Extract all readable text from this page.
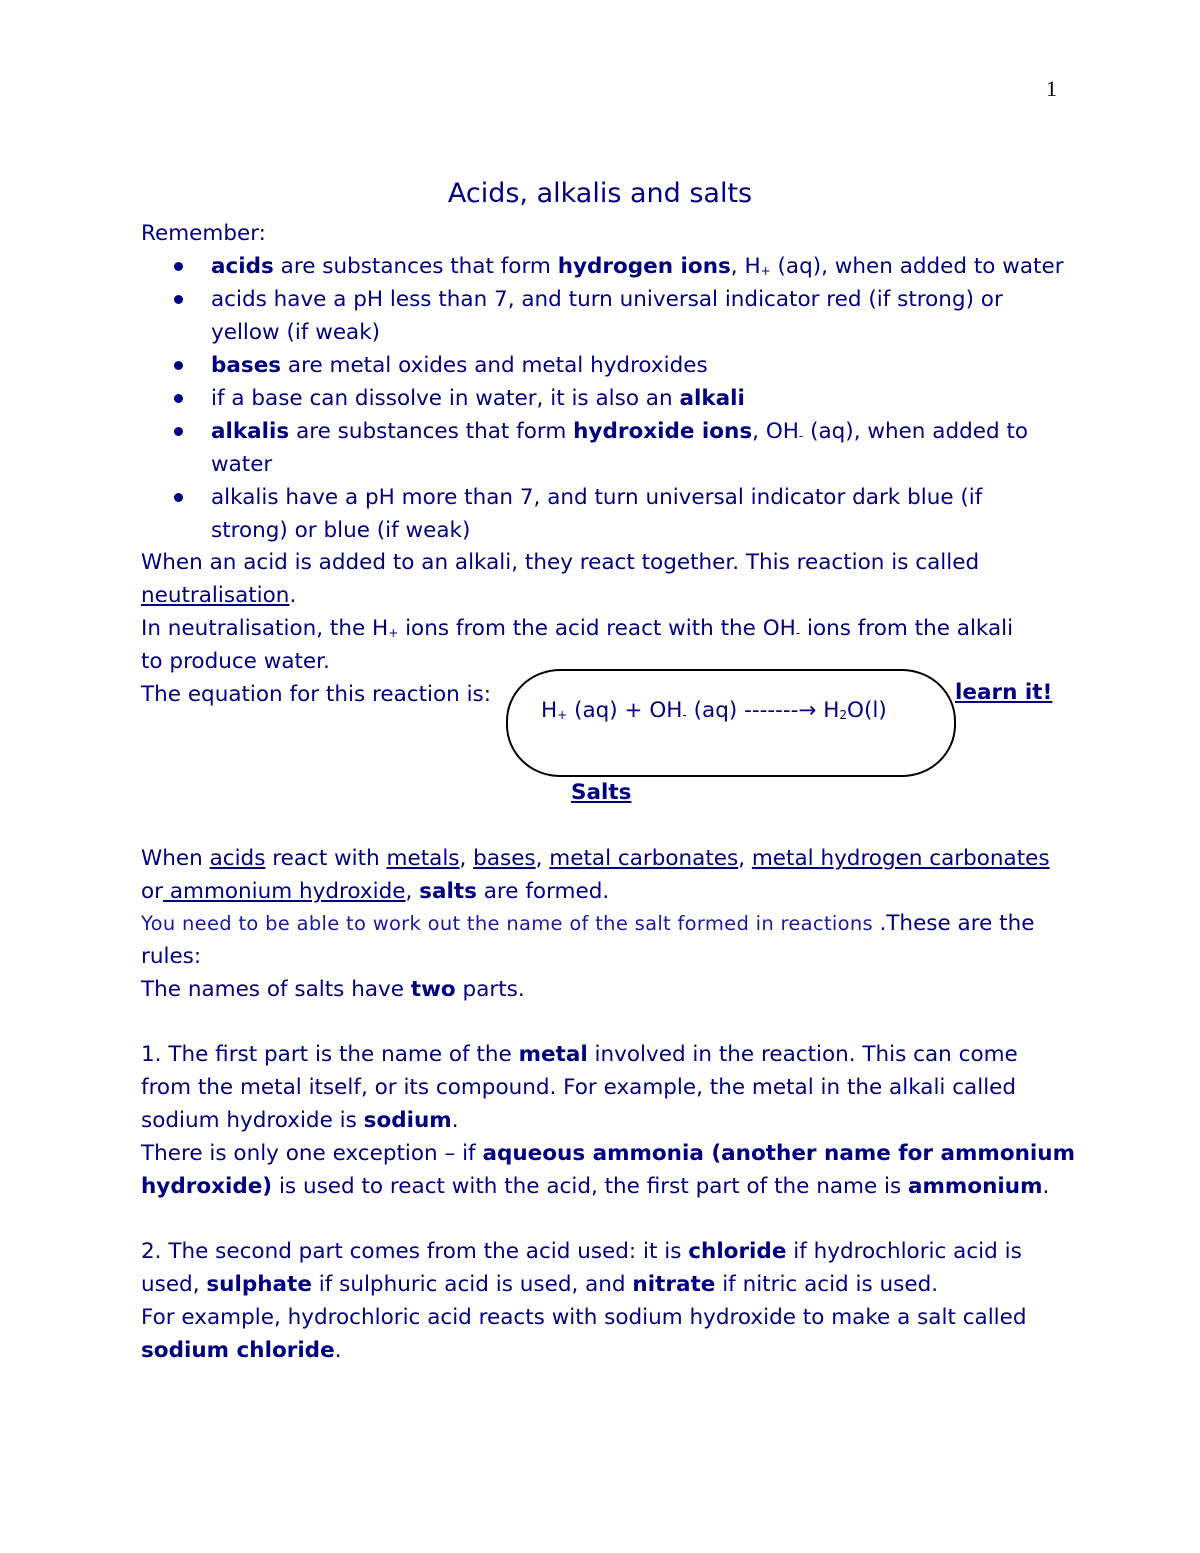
1
Acids, alkalis and salts
Remember:
acids are substances that form hydrogen ions, $H_+$ (aq), when added to water
acids have a pH less than 7, and turn universal indicator red (if strong) or
yellow (if weak)
bases are metal oxides and metal hydroxides
if a base can dissolve in water, it is also an alkali
alkalis are substances that form hydroxide ions, $OH_-$ (aq), when added to
water
alkalis have a pH more than 7, and turn universal indicator dark blue (if
strong) or blue (if weak)
When an acid is added to an alkali, they react together. This reaction is called
neutralisation.
In neutralisation, the $H_+$ ions from the acid react with the $OH_-$ ions from the alkali
to produce water.
The equation for this reaction is:
$H_+$ $(aq) + OH_-$ (aq) -------→ $H_2O(l)$
learn it!
Salts
When acids react with metals, bases, metal carbonates, metal hydrogen carbonates
or ammonium hydroxide, salts are formed.
You need to be able to work out the name of the salt formed in reactions .These are the
rules:
The names of salts have two parts.
1. The first part is the name of the metal involved in the reaction. This can come
from the metal itself, or its compound. For example, the metal in the alkali called
sodium hydroxide is sodium.
There is only one exception – if aqueous ammonia (another name for ammonium
hydroxide) is used to react with the acid, the first part of the name is ammonium.
2. The second part comes from the acid used: it is chloride if hydrochloric acid is
used, sulphate if sulphuric acid is used, and nitrate if nitric acid is used.
For example, hydrochloric acid reacts with sodium hydroxide to make a salt called
sodium chloride.
